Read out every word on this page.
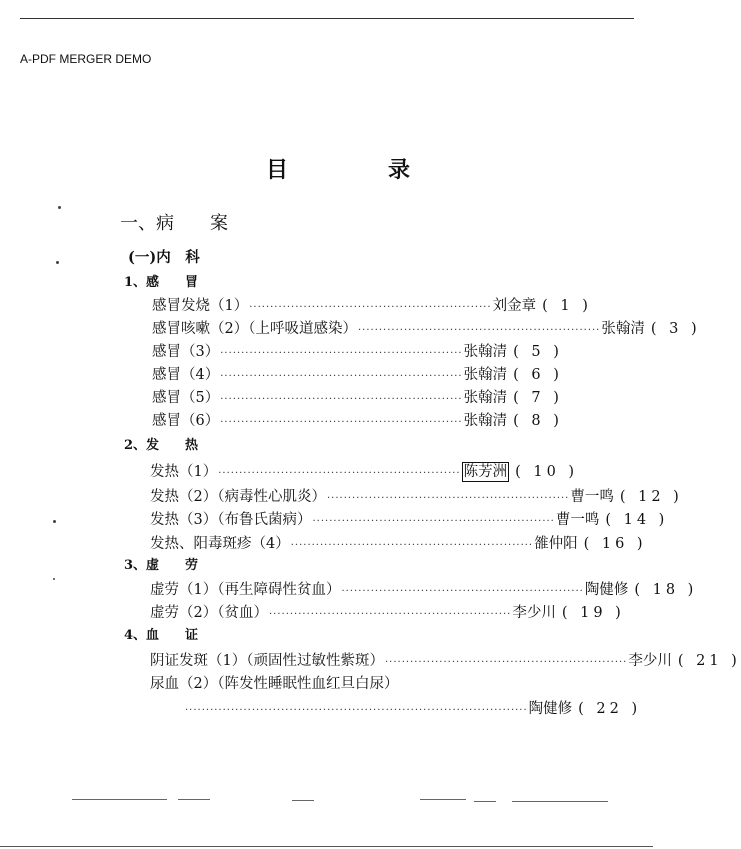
A-PDF MERGER DEMO
目	录
一、病　　案
(一)内　科
1、感　　冒
感冒发烧（1） ·························································· 刘金章 ( 1 )
感冒咳嗽（2）（上呼吸道感染） ·························································· 张翰清 ( 3 )
感冒（3） ·························································· 张翰清 ( 5 )
感冒（4） ·························································· 张翰清 ( 6 )
感冒（5） ·························································· 张翰清 ( 7 )
感冒（6） ·························································· 张翰清 ( 8 )
2、发　　热
发热（1） ·························································· 陈芳洲 ( 10 )
发热（2）（病毒性心肌炎） ·························································· 曹一鸣 ( 12 )
发热（3）（布鲁氏菌病） ·························································· 曹一鸣 ( 14 )
发热、阳毒斑疹（4） ·························································· 雒仲阳 ( 16 )
3、虚　　劳
虚劳（1）（再生障碍性贫血） ·························································· 陶健修 ( 18 )
虚劳（2）（贫血） ·························································· 李少川 ( 19 )
4、血　　证
阴证发斑（1）（顽固性过敏性紫斑） ·························································· 李少川 ( 21 )
尿血（2）（阵发性睡眠性血红旦白尿）
·················································································· 陶健修 ( 22 )
